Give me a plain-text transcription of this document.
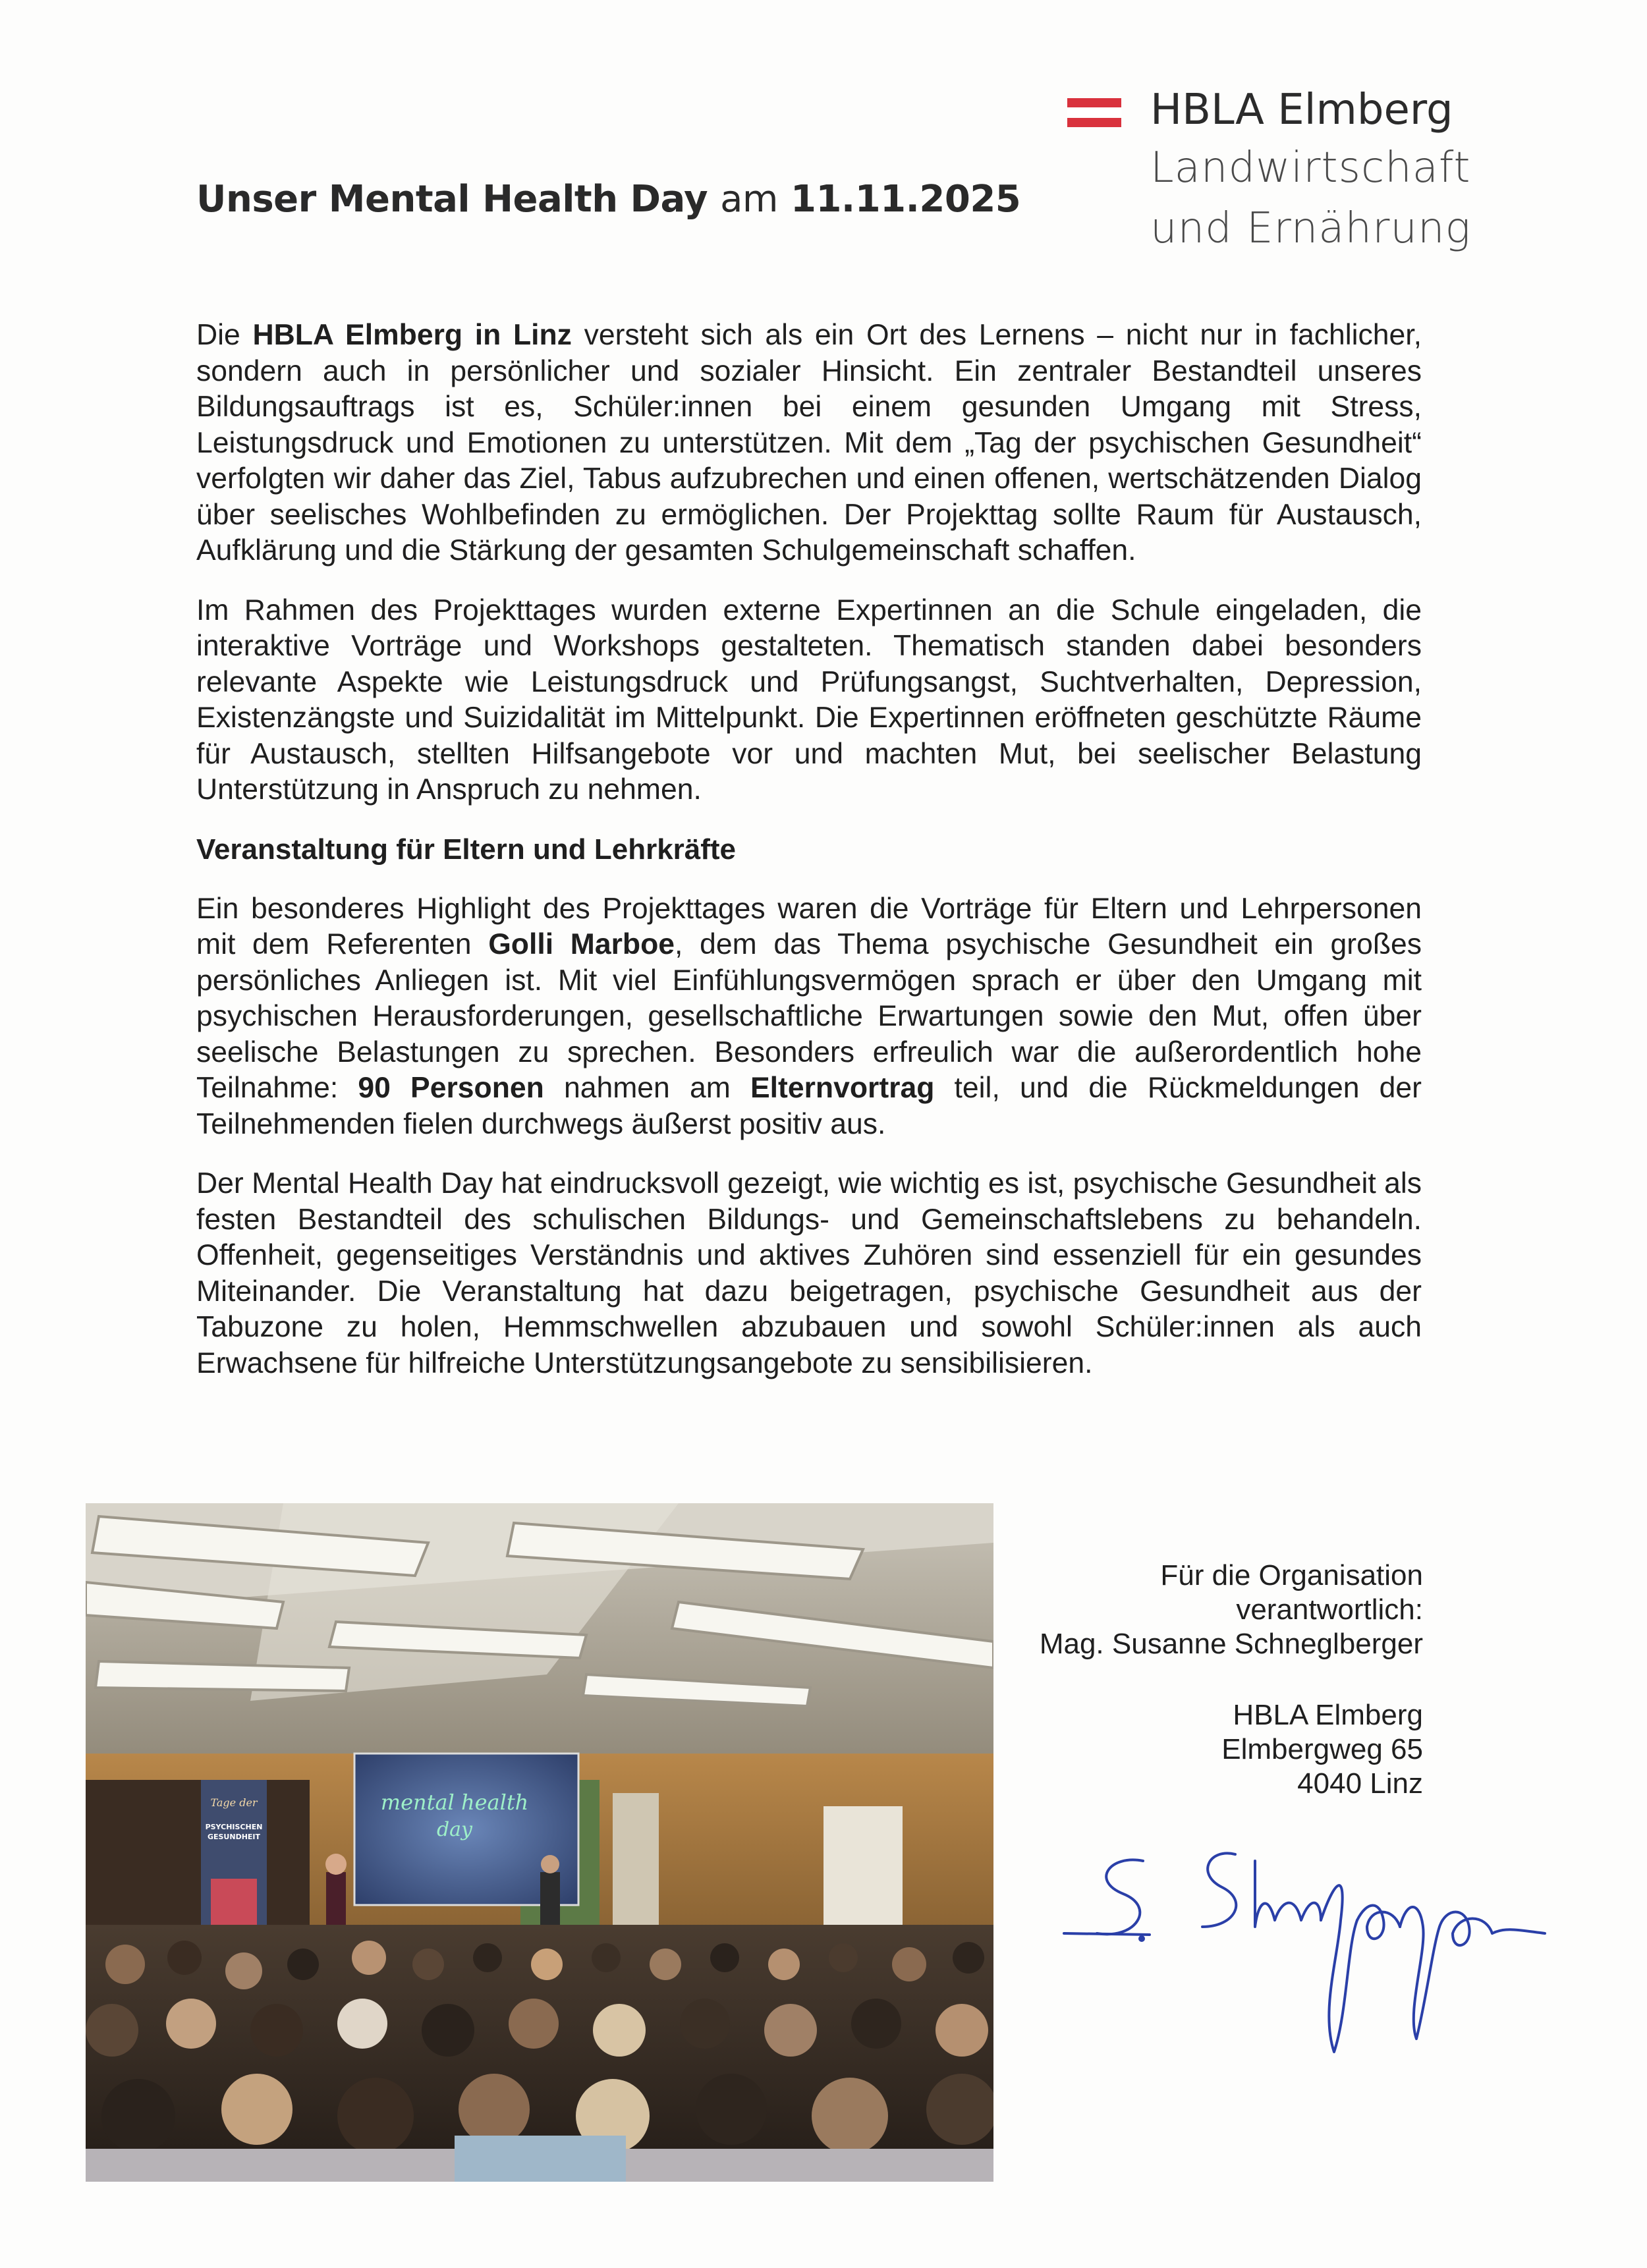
Unser Mental Health Day am 11.11.2025
HBLA Elmberg
Landwirtschaft
und Ernährung

Die HBLA Elmberg in Linz versteht sich als ein Ort des Lernens – nicht nur in fachlicher, sondern auch in persönlicher und sozialer Hinsicht. Ein zentraler Bestandteil unseres Bildungsauftrags ist es, Schüler:innen bei einem gesunden Umgang mit Stress, Leistungsdruck und Emotionen zu unterstützen. Mit dem „Tag der psychischen Gesundheit“ verfolgten wir daher das Ziel, Tabus aufzubrechen und einen offenen, wertschätzenden Dialog über seelisches Wohlbefinden zu ermöglichen. Der Projekttag sollte Raum für Austausch, Aufklärung und die Stärkung der gesamten Schulgemeinschaft schaffen.

Im Rahmen des Projekttages wurden externe Expertinnen an die Schule eingeladen, die interaktive Vorträge und Workshops gestalteten. Thematisch standen dabei besonders relevante Aspekte wie Leistungsdruck und Prüfungsangst, Suchtverhalten, Depression, Existenzängste und Suizidalität im Mittelpunkt. Die Expertinnen eröffneten geschützte Räume für Austausch, stellten Hilfsangebote vor und machten Mut, bei seelischer Belastung Unterstützung in Anspruch zu nehmen.

Veranstaltung für Eltern und Lehrkräfte

Ein besonderes Highlight des Projekttages waren die Vorträge für Eltern und Lehrpersonen mit dem Referenten Golli Marboe, dem das Thema psychische Gesundheit ein großes persönliches Anliegen ist. Mit viel Einfühlungsvermögen sprach er über den Umgang mit psychischen Herausforderungen, gesellschaftliche Erwartungen sowie den Mut, offen über seelische Belastungen zu sprechen. Besonders erfreulich war die außerordentlich hohe Teilnahme: 90 Personen nahmen am Elternvortrag teil, und die Rückmeldungen der Teilnehmenden fielen durchwegs äußerst positiv aus.

Der Mental Health Day hat eindrucksvoll gezeigt, wie wichtig es ist, psychische Gesundheit als festen Bestandteil des schulischen Bildungs- und Gemeinschaftslebens zu behandeln. Offenheit, gegenseitiges Verständnis und aktives Zuhören sind essenziell für ein gesundes Miteinander. Die Veranstaltung hat dazu beigetragen, psychische Gesundheit aus der Tabuzone zu holen, Hemmschwellen abzubauen und sowohl Schüler:innen als auch Erwachsene für hilfreiche Unterstützungsangebote zu sensibilisieren.

mental health
day
Tage der
PSYCHISCHEN
GESUNDHEIT
Für die Organisation
verantwortlich:
Mag. Susanne Schneglberger
HBLA Elmberg
Elmbergweg 65
4040 Linz
